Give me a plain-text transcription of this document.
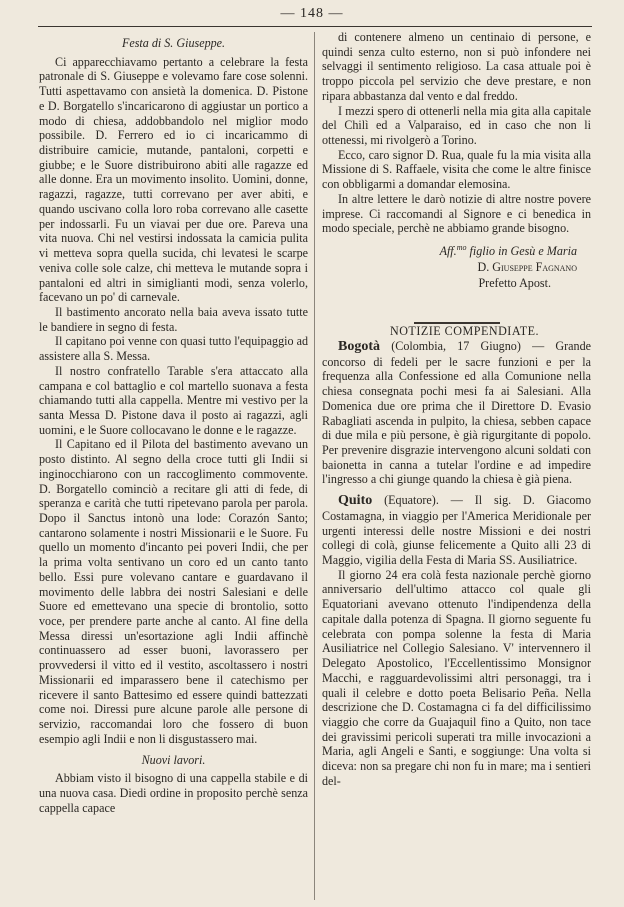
— 148 —

Festa di S. Giuseppe.

Ci apparecchiavamo pertanto a celebrare la festa patronale di S. Giuseppe e volevamo fare cose solenni. Tutti aspettavamo con ansietà la domenica. D. Pistone e D. Borgatello s'incaricarono di aggiustar un portico a modo di chiesa, addobbandolo nel miglior modo possibile. D. Ferrero ed io ci incaricammo di distribuire camicie, mutande, pantaloni, corpetti e giubbe; e le Suore distribuirono abiti alle ragazze ed alle donne. Era un movimento insolito. Uomini, donne, ragazzi, ragazze, tutti correvano per aver abiti, e quando uscivano colla loro roba correvano alle casette per indossarli. Fu un viavai per due ore. Pareva una vita nuova. Chi nel vestirsi indossata la camicia pulita vi metteva sopra quella sucida, chi levatesi le scarpe veniva colle sole calze, chi metteva le mutande sopra i pantaloni ed altri in simiglianti modi, senza volerlo, facevano un po' di carnevale.

Il bastimento ancorato nella baia aveva issato tutte le bandiere in segno di festa.

Il capitano poi venne con quasi tutto l'equipaggio ad assistere alla S. Messa.

Il nostro confratello Tarable s'era attaccato alla campana e col battaglio e col martello suonava a festa chiamando tutti alla cappella. Mentre mi vestivo per la santa Messa D. Pistone dava il posto ai ragazzi, agli uomini, e le Suore collocavano le donne e le ragazze.

Il Capitano ed il Pilota del bastimento avevano un posto distinto. Al segno della croce tutti gli Indii si inginocchiarono con un raccoglimento commovente. D. Borgatello cominciò a recitare gli atti di fede, di speranza e carità che tutti ripetevano parola per parola. Dopo il Sanctus intonò una lode: Corazón Santo; cantarono solamente i nostri Missionarii e le Suore. Fu quello un momento d'incanto pei poveri Indii, che per la prima volta sentivano un coro ed un canto tanto bello. Essi pure volevano cantare e guardavano il movimento delle labbra dei nostri Salesiani e delle Suore ed emettevano una specie di brontolio, sotto voce, per prendere parte anche al canto. Al fine della Messa diressi un'esortazione agli Indii affinchè continuassero ad esser buoni, lavorassero per provvedersi il vitto ed il vestito, ascoltassero i nostri Missionarii ed imparassero bene il catechismo per ricevere il santo Battesimo ed essere quindi battezzati come noi. Diressi pure alcune parole alle persone di servizio, raccomandai loro che fossero di buon esempio agli Indii e non li disgustassero mai.

Nuovi lavori.

Abbiam visto il bisogno di una cappella stabile e di una nuova casa. Diedi ordine in proposito perchè senza cappella capace

di contenere almeno un centinaio di persone, e quindi senza culto esterno, non si può infondere nei selvaggi il sentimento religioso. La casa attuale poi è troppo piccola pel servizio che deve prestare, e non ripara abbastanza dal vento e dal freddo.

I mezzi spero di ottenerli nella mia gita alla capitale del Chilì ed a Valparaiso, ed in caso che non li ottenessi, mi rivolgerò a Torino.

Ecco, caro signor D. Rua, quale fu la mia visita alla Missione di S. Raffaele, visita che come le altre finisce con obbligarmi a domandar elemosina.

In altre lettere le darò notizie di altre nostre povere imprese. Ci raccomandi al Signore e ci benedica in modo speciale, perchè ne abbiamo grande bisogno.

Aff.$^{mo}$ figlio in Gesù e Maria

D. Giuseppe Fagnano

Prefetto Apost.

NOTIZIE COMPENDIATE.

Bogotà (Colombia, 17 Giugno) — Grande concorso di fedeli per le sacre funzioni e per la frequenza alla Confessione ed alla Comunione nella chiesa consegnata pochi mesi fa ai Salesiani. Alla Domenica due ore prima che il Direttore D. Evasio Rabagliati ascenda in pulpito, la chiesa, sebben capace di due mila e più persone, è già rigurgitante di popolo. Per prevenire disgrazie intervengono alcuni soldati con baionetta in canna a tutelar l'ordine e ad impedire l'ingresso a chi giunge quando la chiesa è già piena.

Quito (Equatore). — Il sig. D. Giacomo Costamagna, in viaggio per l'America Meridionale per urgenti interessi delle nostre Missioni e dei nostri collegi di colà, giunse felicemente a Quito alli 23 di Maggio, vigilia della Festa di Maria SS. Ausiliatrice.

Il giorno 24 era colà festa nazionale perchè giorno anniversario dell'ultimo attacco col quale gli Equatoriani avevano ottenuto l'indipendenza della capitale dalla potenza di Spagna. Il giorno seguente fu celebrata con pompa solenne la festa di Maria Ausiliatrice nel Collegio Salesiano. V' intervennero il Delegato Apostolico, l'Eccellentissimo Monsignor Macchi, e ragguardevolissimi altri personaggi, tra i quali il celebre e dotto poeta Belisario Peña. Nella descrizione che D. Costamagna ci fa del difficilissimo viaggio che corre da Guajaquil fino a Quito, non tace dei gravissimi pericoli superati tra mille invocazioni a Maria, agli Angeli e Santi, e soggiunge: Una volta si diceva: non sa pregare chi non fu in mare; ma i sentieri del-
